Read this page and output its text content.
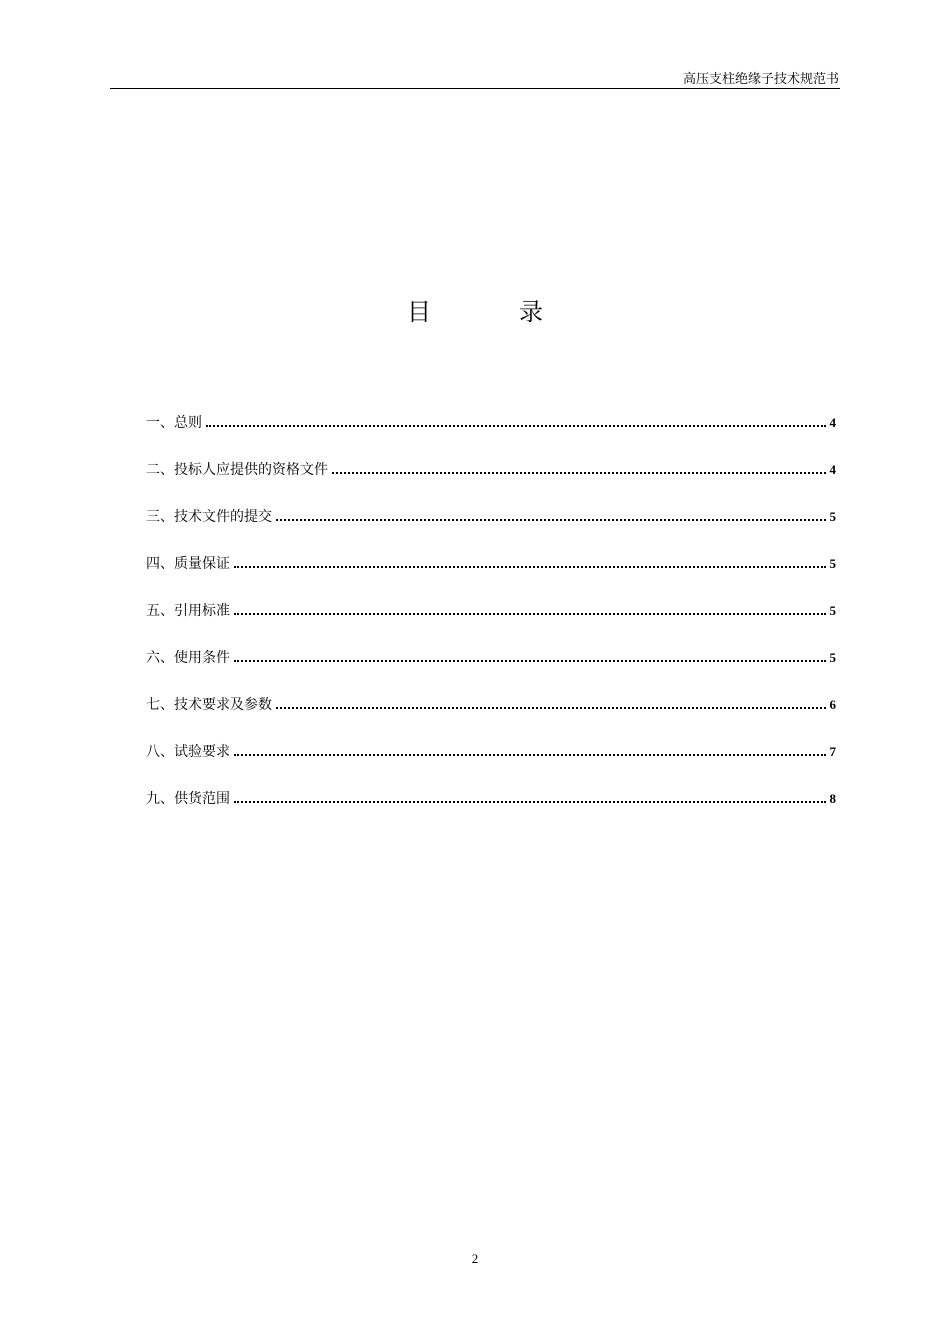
高压支柱绝缘子技术规范书
目	录
一、总则	4
二、投标人应提供的资格文件	4
三、技术文件的提交	5
四、质量保证	5
五、引用标准	5
六、使用条件	5
七、技术要求及参数	6
八、试验要求	7
九、供货范围	8
2
